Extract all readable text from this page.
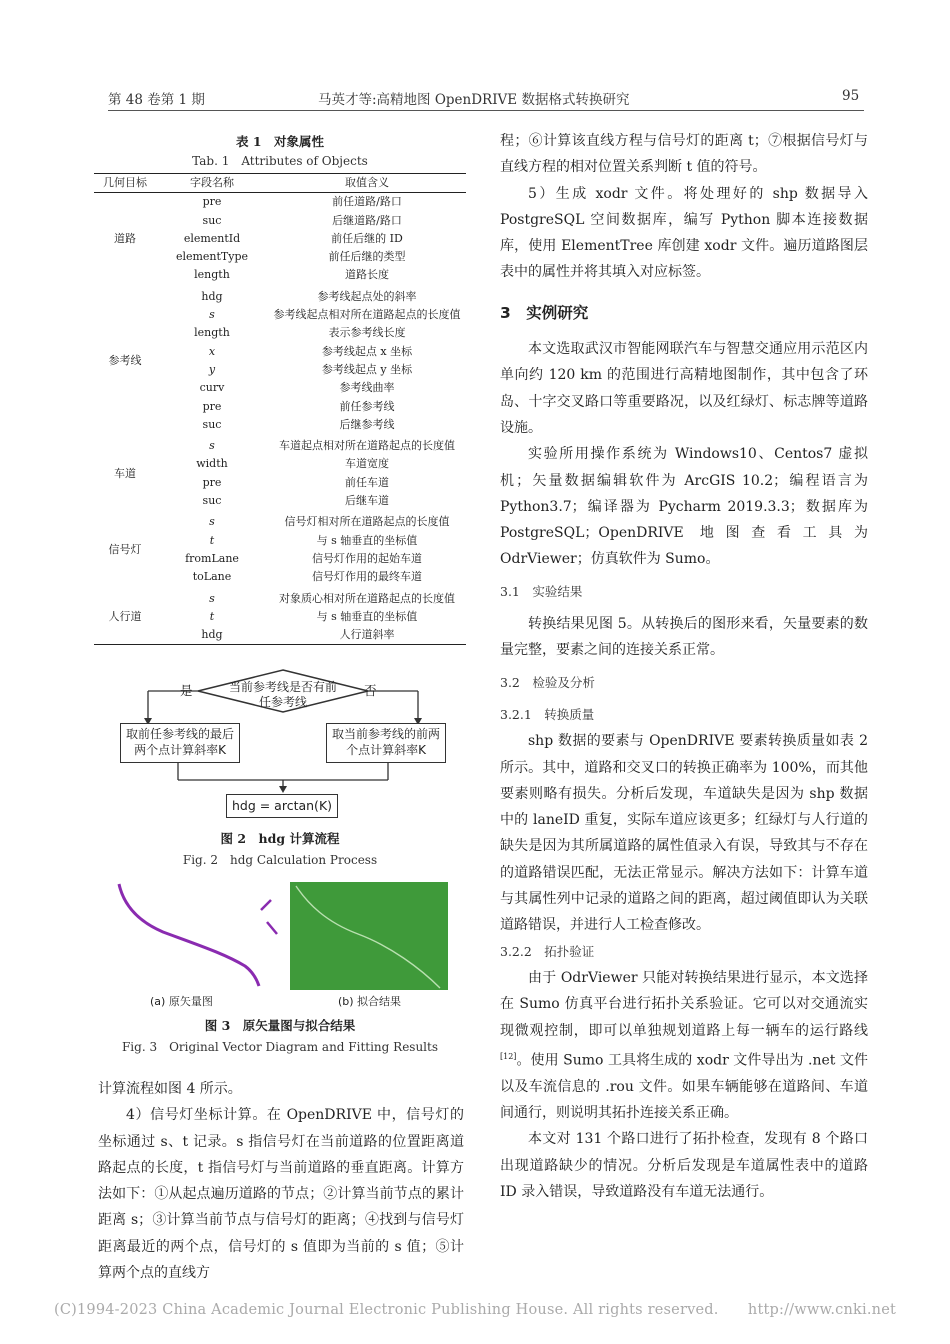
第 48 卷第 1 期	马英才等:高精地图 OpenDRIVE 数据格式转换研究	95
表 1　对象属性
Tab. 1　Attributes of Objects
几何目标	字段名称	取值含义
道路	pre	前任道路/路口
	suc	后继道路/路口
	elementId	前任后继的 ID
	elementType	前任后继的类型
	length	道路长度

参考线	hdg	参考线起点处的斜率
	s	参考线起点相对所在道路起点的长度值
	length	表示参考线长度
	x	参考线起点 x 坐标
	y	参考线起点 y 坐标
	curv	参考线曲率
	pre	前任参考线
	suc	后继参考线

车道	s	车道起点相对所在道路起点的长度值
	width	车道宽度
	pre	前任车道
	suc	后继车道

信号灯	s	信号灯相对所在道路起点的长度值
	t	与 s 轴垂直的坐标值
	fromLane	信号灯作用的起始车道
	toLane	信号灯作用的最终车道

人行道	s	对象质心相对所在道路起点的长度值
	t	与 s 轴垂直的坐标值
	hdg	人行道斜率
是	否
当前参考线是否有前任参考线
取前任参考线的最后两个点计算斜率K
取当前参考线的前两个点计算斜率K
hdg = arctan(K)
图 2　hdg 计算流程
Fig. 2　hdg Calculation Process
(a) 原矢量图	(b) 拟合结果
图 3　原矢量图与拟合结果
Fig. 3　Original Vector Diagram and Fitting Results

计算流程如图 4 所示。

4）信号灯坐标计算。在 OpenDRIVE 中，信号灯的坐标通过 s、t 记录。s 指信号灯在当前道路的位置距离道路起点的长度，t 指信号灯与当前道路的垂直距离。计算方法如下：①从起点遍历道路的节点；②计算当前节点的累计距离 s；③计算当前节点与信号灯的距离；④找到与信号灯距离最近的两个点，信号灯的 s 值即为当前的 s 值；⑤计算两个点的直线方

程；⑥计算该直线方程与信号灯的距离 t；⑦根据信号灯与直线方程的相对位置关系判断 t 值的符号。

5）生成 xodr 文件。将处理好的 shp 数据导入 PostgreSQL 空间数据库，编写 Python 脚本连接数据库，使用 ElementTree 库创建 xodr 文件。遍历道路图层表中的属性并将其填入对应标签。

3　实例研究

本文选取武汉市智能网联汽车与智慧交通应用示范区内单向约 120 km 的范围进行高精地图制作，其中包含了环岛、十字交叉路口等重要路况，以及红绿灯、标志牌等道路设施。

实验所用操作系统为 Windows10、Centos7 虚拟机；矢量数据编辑软件为 ArcGIS 10.2；编程语言为 Python3.7；编译器为 Pycharm 2019.3.3；数据库为 PostgreSQL；OpenDRIVE 地图查看工具为 OdrViewer；仿真软件为 Sumo。

3.1　实验结果

转换结果见图 5。从转换后的图形来看，矢量要素的数量完整，要素之间的连接关系正常。

3.2　检验及分析

3.2.1　转换质量

shp 数据的要素与 OpenDRIVE 要素转换质量如表 2 所示。其中，道路和交叉口的转换正确率为 100%，而其他要素则略有损失。分析后发现，车道缺失是因为 shp 数据中的 laneID 重复，实际车道应该更多；红绿灯与人行道的缺失是因为其所属道路的属性值录入有误，导致其与不存在的道路错误匹配，无法正常显示。解决方法如下：计算车道与其属性列中记录的道路之间的距离，超过阈值即认为关联道路错误，并进行人工检查修改。

3.2.2　拓扑验证

由于 OdrViewer 只能对转换结果进行显示，本文选择在 Sumo 仿真平台进行拓扑关系验证。它可以对交通流实现微观控制，即可以单独规划道路上每一辆车的运行路线[12]。使用 Sumo 工具将生成的 xodr 文件导出为 .net 文件以及车流信息的 .rou 文件。如果车辆能够在道路间、车道间通行，则说明其拓扑连接关系正确。

本文对 131 个路口进行了拓扑检查，发现有 8 个路口出现道路缺少的情况。分析后发现是车道属性表中的道路 ID 录入错误，导致道路没有车道无法通行。

(C)1994-2023 China Academic Journal Electronic Publishing House. All rights reserved.　　http://www.cnki.net
